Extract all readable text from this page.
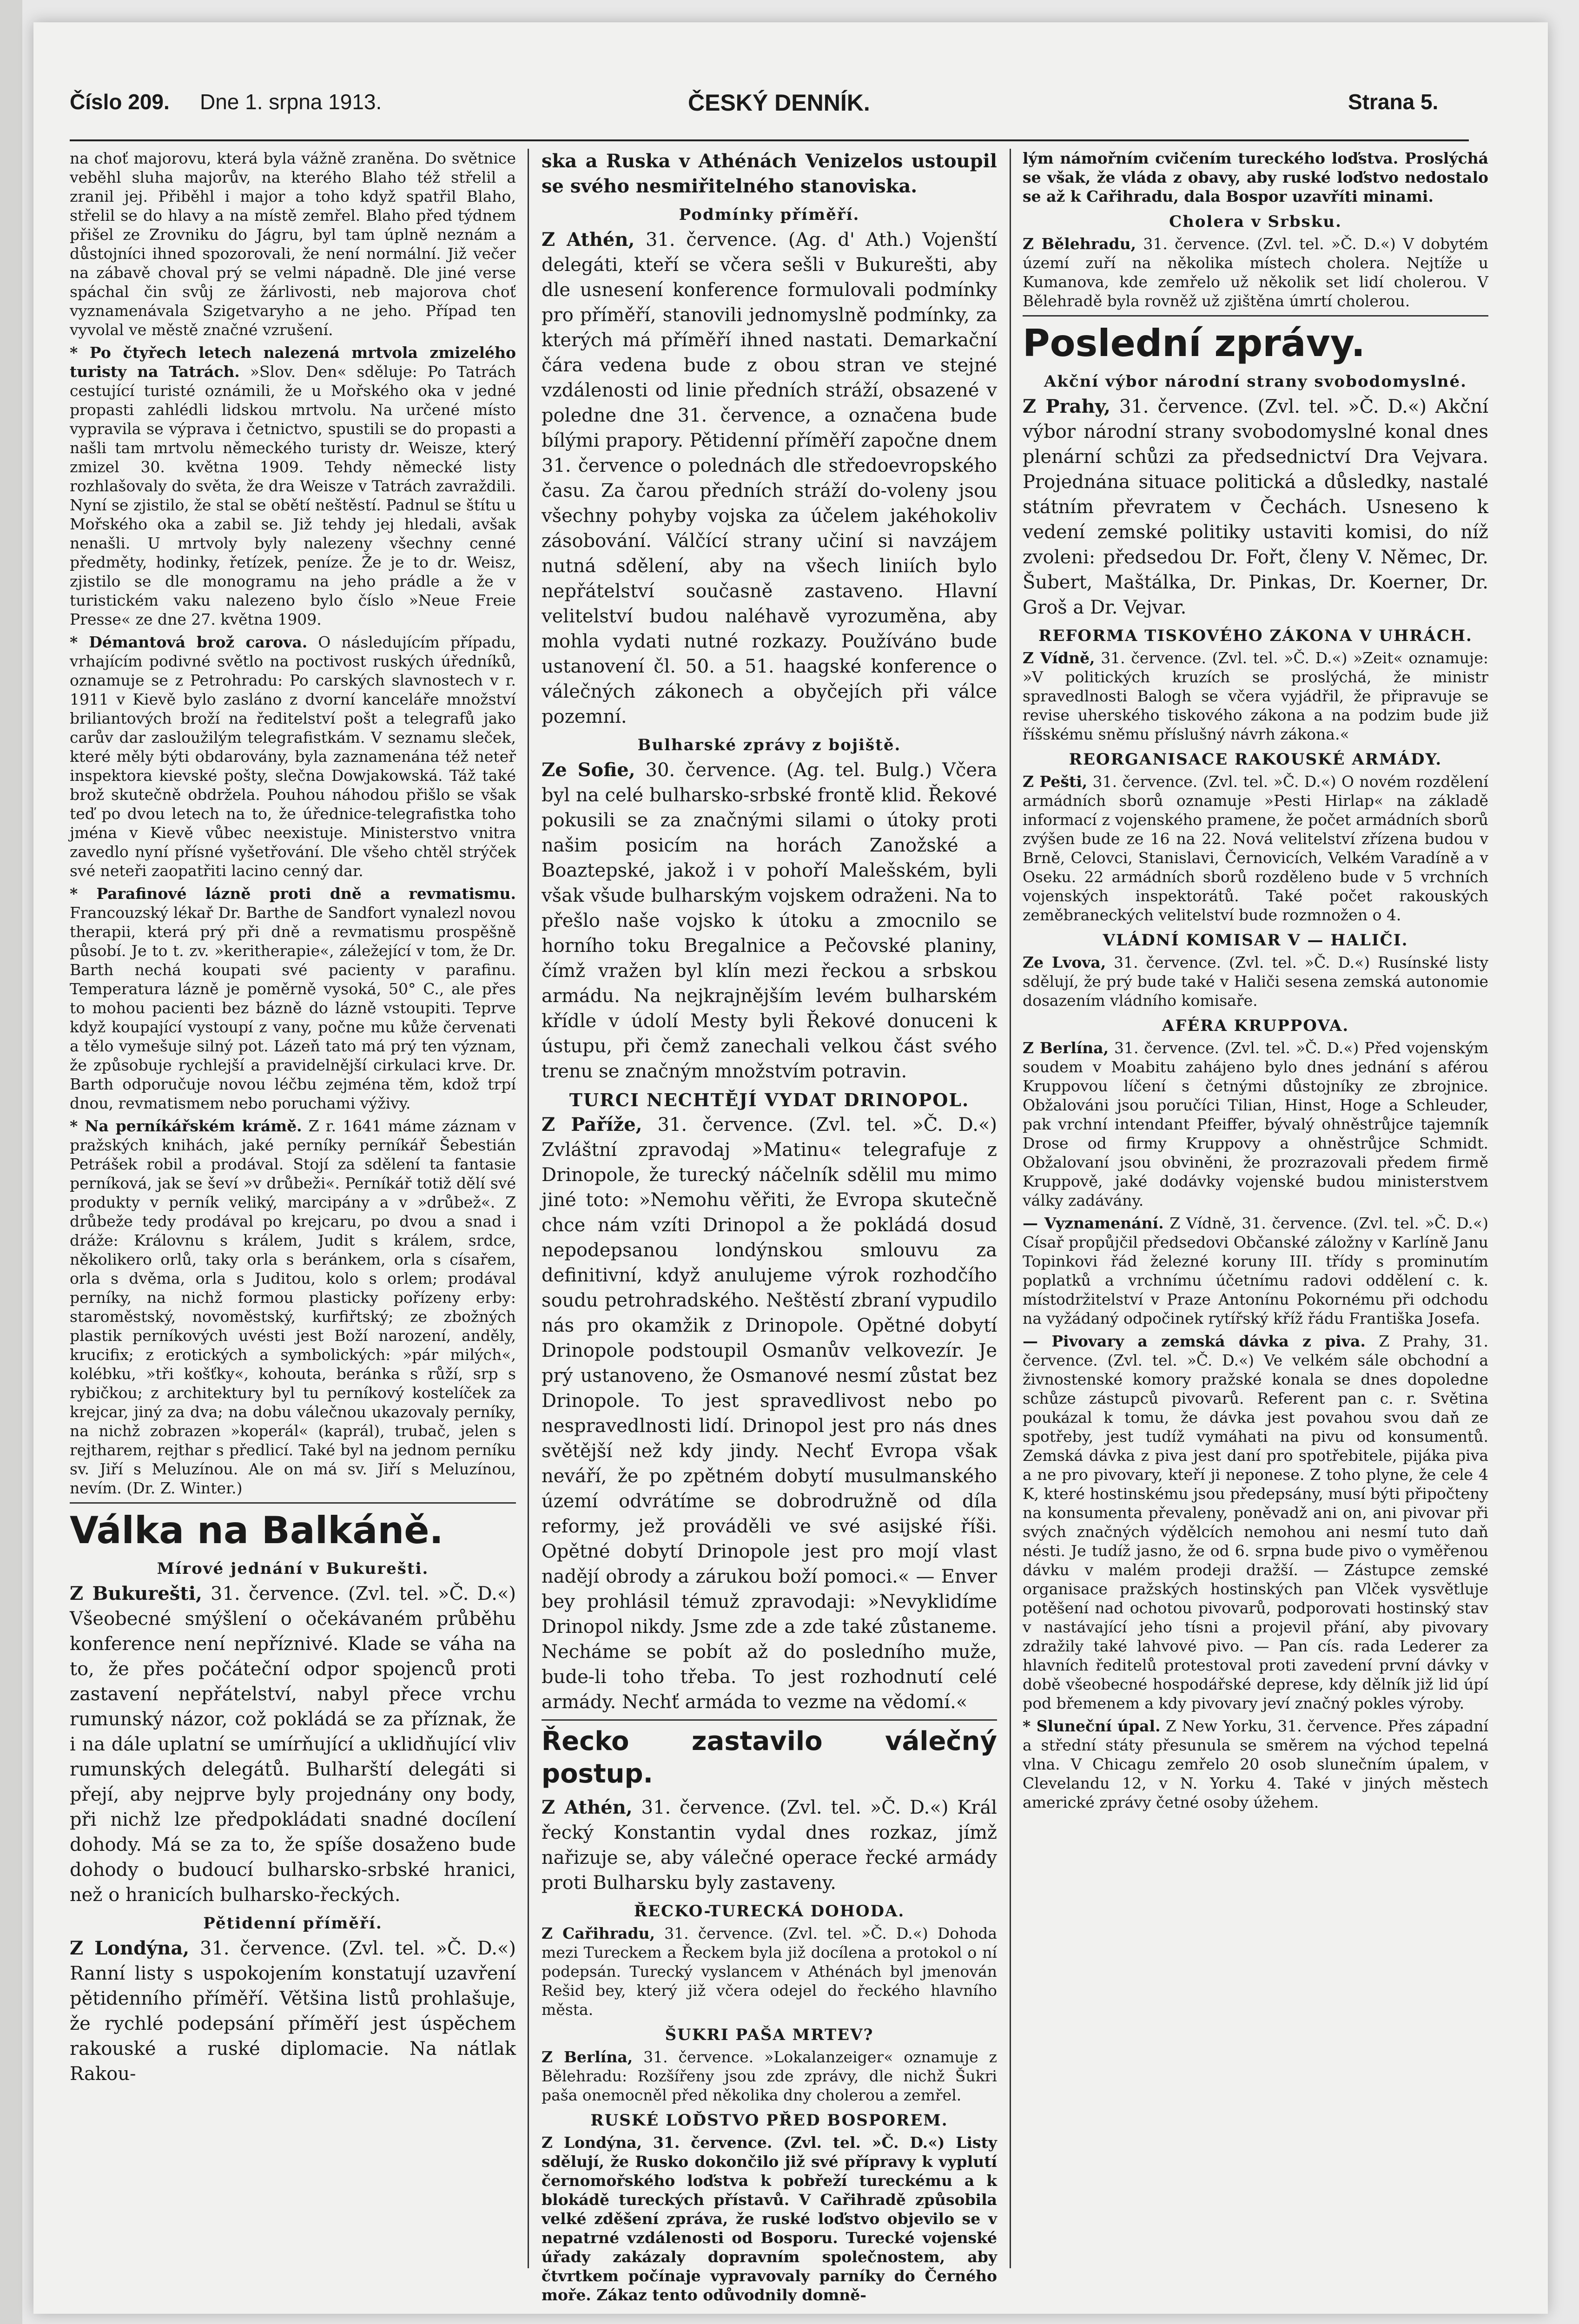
Číslo 209. Dne 1. srpna 1913.	ČESKÝ DENNÍK.	Strana 5.

na choť majorovu, která byla vážně zraněna. Do světnice veběhl sluha majorův, na kterého Blaho též střelil a zranil jej. Přiběhl i major a toho když spatřil Blaho, střelil se do hlavy a na místě zemřel. Blaho před týdnem přišel ze Zrovniku do Jágru, byl tam úplně neznám a důstojníci ihned spozorovali, že není normální. Již večer na zábavě choval prý se velmi nápadně. Dle jiné verse spáchal čin svůj ze žárlivosti, neb majorova choť vyznamenávala Szigetvaryho a ne jeho. Případ ten vyvolal ve městě značné vzrušení.

* Po čtyřech letech nalezená mrtvola zmizelého turisty na Tatrách. »Slov. Den« sděluje: Po Tatrách cestující turisté oznámili, že u Mořského oka v jedné propasti zahlédli lidskou mrtvolu. Na určené místo vypravila se výprava i četnictvo, spustili se do propasti a našli tam mrtvolu německého turisty dr. Weisze, který zmizel 30. května 1909. Tehdy německé listy rozhlašovaly do světa, že dra Weisze v Tatrách zavraždili. Nyní se zjistilo, že stal se obětí neštěstí. Padnul se štítu u Mořského oka a zabil se. Již tehdy jej hledali, avšak nenašli. U mrtvoly byly nalezeny všechny cenné předměty, hodinky, řetízek, peníze. Že je to dr. Weisz, zjistilo se dle monogramu na jeho prádle a že v turistickém vaku nalezeno bylo číslo »Neue Freie Presse« ze dne 27. května 1909.

* Démantová brož carova. O následujícím případu, vrhajícím podivné světlo na poctivost ruských úředníků, oznamuje se z Petrohradu: Po carských slavnostech v r. 1911 v Kievě bylo zasláno z dvorní kanceláře množství briliantových broží na ředitelství pošt a telegrafů jako carův dar zasloužilým telegrafistkám. V seznamu sleček, které měly býti obdarovány, byla zaznamenána též neteř inspektora kievské pošty, slečna Dowjakowská. Táž také brož skutečně obdržela. Pouhou náhodou přišlo se však teď po dvou letech na to, že úřednice-telegrafistka toho jména v Kievě vůbec neexistuje. Ministerstvo vnitra zavedlo nyní přísné vyšetřování. Dle všeho chtěl strýček své neteři zaopatřiti lacino cenný dar.

* Parafinové lázně proti dně a revmatismu. Francouzský lékař Dr. Barthe de Sandfort vynalezl novou therapii, která prý při dně a revmatismu prospěšně působí. Je to t. zv. »keritherapie«, záležející v tom, že Dr. Barth nechá koupati své pacienty v parafinu. Temperatura lázně je poměrně vysoká, 50° C., ale přes to mohou pacienti bez bázně do lázně vstoupiti. Teprve když koupající vystoupí z vany, počne mu kůže červenati a tělo vymešuje silný pot. Lázeň tato má prý ten význam, že způsobuje rychlejší a pravidelnější cirkulaci krve. Dr. Barth odporučuje novou léčbu zejména těm, kdož trpí dnou, revmatismem nebo poruchami výživy.

* Na perníkářském krámě. Z r. 1641 máme záznam v pražských knihách, jaké perníky perníkář Šebestián Petrášek robil a prodával. Stojí za sdělení ta fantasie perníková, jak se ševí »v drůbeži«. Perníkář totiž dělí své produkty v perník veliký, marcipány a v »drůbež«. Z drůbeže tedy prodával po krejcaru, po dvou a snad i dráže: Královnu s králem, Judit s králem, srdce, několikero orlů, taky orla s beránkem, orla s císařem, orla s dvěma, orla s Juditou, kolo s orlem; prodával perníky, na nichž formou plasticky pořízeny erby: staroměstský, novoměstský, kurfiřtský; ze zbožných plastik perníkových uvésti jest Boží narození, anděly, krucifix; z erotických a symbolických: »pár milých«, kolébku, »tři košťky«, kohouta, beránka s růží, srp s rybičkou; z architektury byl tu perníkový kostelíček za krejcar, jiný za dva; na dobu válečnou ukazovaly perníky, na nichž zobrazen »koperál« (kaprál), trubač, jelen s rejtharem, rejthar s předlicí. Také byl na jednom perníku sv. Jiří s Meluzínou. Ale on má sv. Jiří s Meluzínou, nevím. (Dr. Z. Winter.)

Válka na Balkáně.
Mírové jednání v Bukurešti.

Z Bukurešti, 31. července. (Zvl. tel. »Č. D.«) Všeobecné smýšlení o očekávaném průběhu konference není nepříznivé. Klade se váha na to, že přes počáteční odpor spojenců proti zastavení nepřátelství, nabyl přece vrchu rumunský názor, což pokládá se za příznak, že i na dále uplatní se umírňující a uklidňující vliv rumunských delegátů. Bulharští delegáti si přejí, aby nejprve byly projednány ony body, při nichž lze předpokládati snadné docílení dohody. Má se za to, že spíše dosaženo bude dohody o budoucí bulharsko-srbské hranici, než o hranicích bulharsko-řeckých.

Pětidenní příměří.

Z Londýna, 31. července. (Zvl. tel. »Č. D.«) Ranní listy s uspokojením konstatují uzavření pětidenního příměří. Většina listů prohlašuje, že rychlé podepsání příměří jest úspěchem rakouské a ruské diplomacie. Na nátlak Rakou-

ska a Ruska v Athénách Venizelos ustoupil se svého nesmiřitelného stanoviska.

Podmínky příměří.

Z Athén, 31. července. (Ag. d' Ath.) Vojenští delegáti, kteří se včera sešli v Bukurešti, aby dle usnesení konference formulovali podmínky pro příměří, stanovili jednomyslně podmínky, za kterých má příměří ihned nastati. Demarkační čára vedena bude z obou stran ve stejné vzdálenosti od linie předních stráží, obsazené v poledne dne 31. července, a označena bude bílými prapory. Pětidenní příměří započne dnem 31. července o polednách dle středoevropského času. Za čarou předních stráží do-voleny jsou všechny pohyby vojska za účelem jakéhokoliv zásobování. Válčící strany učiní si navzájem nutná sdělení, aby na všech liniích bylo nepřátelství současně zastaveno. Hlavní velitelství budou naléhavě vyrozuměna, aby mohla vydati nutné rozkazy. Používáno bude ustanovení čl. 50. a 51. haagské konference o válečných zákonech a obyčejích při válce pozemní.

Bulharské zprávy z bojiště.

Ze Sofie, 30. července. (Ag. tel. Bulg.) Včera byl na celé bulharsko-srbské frontě klid. Řekové pokusili se za značnými silami o útoky proti našim posicím na horách Zanožské a Boaztepské, jakož i v pohoří Malešském, byli však všude bulharským vojskem odraženi. Na to přešlo naše vojsko k útoku a zmocnilo se horního toku Bregalnice a Pečovské planiny, čímž vražen byl klín mezi řeckou a srbskou armádu. Na nejkrajnějším levém bulharském křídle v údolí Mesty byli Řekové donuceni k ústupu, při čemž zanechali velkou část svého trenu se značným množstvím potravin.

TURCI NECHTĚJÍ VYDAT DRINOPOL.

Z Paříže, 31. července. (Zvl. tel. »Č. D.«) Zvláštní zpravodaj »Matinu« telegrafuje z Drinopole, že turecký náčelník sdělil mu mimo jiné toto: »Nemohu věřiti, že Evropa skutečně chce nám vzíti Drinopol a že pokládá dosud nepodepsanou londýnskou smlouvu za definitivní, když anulujeme výrok rozhodčího soudu petrohradského. Neštěstí zbraní vypudilo nás pro okamžik z Drinopole. Opětné dobytí Drinopole podstoupil Osmanův velkovezír. Je prý ustanoveno, že Osmanové nesmí zůstat bez Drinopole. To jest spravedlivost nebo po nespravedlnosti lidí. Drinopol jest pro nás dnes světější než kdy jindy. Nechť Evropa však neváří, že po zpětném dobytí musulmanského území odvrátíme se dobrodružně od díla reformy, jež prováděli ve své asijské říši. Opětné dobytí Drinopole jest pro mojí vlast nadějí obrody a zárukou boží pomoci.« — Enver bey prohlásil témuž zpravodaji: »Nevyklidíme Drinopol nikdy. Jsme zde a zde také zůstaneme. Necháme se pobít až do posledního muže, bude-li toho třeba. To jest rozhodnutí celé armády. Nechť armáda to vezme na vědomí.«

Řecko zastavilo válečný postup.

Z Athén, 31. července. (Zvl. tel. »Č. D.«) Král řecký Konstantin vydal dnes rozkaz, jímž nařizuje se, aby válečné operace řecké armády proti Bulharsku byly zastaveny.

ŘECKO-TURECKÁ DOHODA.

Z Cařihradu, 31. července. (Zvl. tel. »Č. D.«) Dohoda mezi Tureckem a Řeckem byla již docílena a protokol o ní podepsán. Turecký vyslancem v Athénách byl jmenován Rešid bey, který již včera odejel do řeckého hlavního města.

ŠUKRI PAŠA MRTEV?

Z Berlína, 31. července. »Lokalanzeiger« oznamuje z Bělehradu: Rozšířeny jsou zde zprávy, dle nichž Šukri paša onemocněl před několika dny cholerou a zemřel.

RUSKÉ LOĎSTVO PŘED BOSPOREM.

Z Londýna, 31. července. (Zvl. tel. »Č. D.«) Listy sdělují, že Rusko dokončilo již své přípravy k vyplutí černomořského loďstva k pobřeží tureckému a k blokádě tureckých přístavů. V Cařihradě způsobila velké zděšení zpráva, že ruské loďstvo objevilo se v nepatrné vzdálenosti od Bosporu. Turecké vojenské úřady zakázaly dopravním společnostem, aby čtvrtkem počínaje vypravovaly parníky do Černého moře. Zákaz tento odůvodnily domně-

lým námořním cvičením tureckého loďstva. Proslýchá se však, že vláda z obavy, aby ruské loďstvo nedostalo se až k Cařihradu, dala Bospor uzavříti minami.

Cholera v Srbsku.

Z Bělehradu, 31. července. (Zvl. tel. »Č. D.«) V dobytém území zuří na několika místech cholera. Nejtíže u Kumanova, kde zemřelo už několik set lidí cholerou. V Bělehradě byla rovněž už zjištěna úmrtí cholerou.

Poslední zprávy.
Akční výbor národní strany svobodomyslné.

Z Prahy, 31. července. (Zvl. tel. »Č. D.«) Akční výbor národní strany svobodomyslné konal dnes plenární schůzi za předsednictví Dra Vejvara. Projednána situace politická a důsledky, nastalé státním převratem v Čechách. Usneseno k vedení zemské politiky ustaviti komisi, do níž zvoleni: předsedou Dr. Fořt, členy V. Němec, Dr. Šubert, Maštálka, Dr. Pinkas, Dr. Koerner, Dr. Groš a Dr. Vejvar.

REFORMA TISKOVÉHO ZÁKONA V UHRÁCH.

Z Vídně, 31. července. (Zvl. tel. »Č. D.«) »Zeit« oznamuje: »V politických kruzích se proslýchá, že ministr spravedlnosti Balogh se včera vyjádřil, že připravuje se revise uherského tiskového zákona a na podzim bude již říšskému sněmu příslušný návrh zákona.«

REORGANISACE RAKOUSKÉ ARMÁDY.

Z Pešti, 31. července. (Zvl. tel. »Č. D.«) O novém rozdělení armádních sborů oznamuje »Pesti Hirlap« na základě informací z vojenského pramene, že počet armádních sborů zvýšen bude ze 16 na 22. Nová velitelství zřízena budou v Brně, Celovci, Stanislavi, Černovicích, Velkém Varadíně a v Oseku. 22 armádních sborů rozděleno bude v 5 vrchních vojenských inspektorátů. Také počet rakouských zeměbraneckých velitelství bude rozmnožen o 4.

VLÁDNÍ KOMISAR V — HALIČI.

Ze Lvova, 31. července. (Zvl. tel. »Č. D.«) Rusínské listy sdělují, že prý bude také v Haliči sesena zemská autonomie dosazením vládního komisaře.

AFÉRA KRUPPOVA.

Z Berlína, 31. července. (Zvl. tel. »Č. D.«) Před vojenským soudem v Moabitu zahájeno bylo dnes jednání s aférou Kruppovou líčení s četnými důstojníky ze zbrojnice. Obžalováni jsou poručíci Tilian, Hinst, Hoge a Schleuder, pak vrchní intendant Pfeiffer, bývalý ohněstrůjce tajemník Drose od firmy Kruppovy a ohněstrůjce Schmidt. Obžalovaní jsou obviněni, že prozrazovali předem firmě Kruppově, jaké dodávky vojenské budou ministerstvem války zadávány.

— Vyznamenání. Z Vídně, 31. července. (Zvl. tel. »Č. D.«) Císař propůjčil předsedovi Občanské záložny v Karlíně Janu Topinkovi řád železné koruny III. třídy s prominutím poplatků a vrchnímu účetnímu radovi oddělení c. k. místodržitelství v Praze Antonínu Pokornému při odchodu na vyžádaný odpočinek rytířský kříž řádu Františka Josefa.

— Pivovary a zemská dávka z piva. Z Prahy, 31. července. (Zvl. tel. »Č. D.«) Ve velkém sále obchodní a živnostenské komory pražské konala se dnes dopoledne schůze zástupců pivovarů. Referent pan c. r. Světina poukázal k tomu, že dávka jest povahou svou daň ze spotřeby, jest tudíž vymáhati na pivu od konsumentů. Zemská dávka z piva jest daní pro spotřebitele, pijáka piva a ne pro pivovary, kteří ji neponese. Z toho plyne, že cele 4 K, které hostinskému jsou předepsány, musí býti připočteny na konsumenta převaleny, poněvadž ani on, ani pivovar při svých značných výdělcích nemohou ani nesmí tuto daň nésti. Je tudíž jasno, že od 6. srpna bude pivo o vyměřenou dávku v malém prodeji dražší. — Zástupce zemské organisace pražských hostinských pan Vlček vysvětluje potěšení nad ochotou pivovarů, podporovati hostinský stav v nastávající jeho tísni a projevil přání, aby pivovary zdražily také lahvové pivo. — Pan cís. rada Lederer za hlavních ředitelů protestoval proti zavedení první dávky v době všeobecné hospodářské deprese, kdy dělník již lid úpí pod břemenem a kdy pivovary jeví značný pokles výroby.

* Sluneční úpal. Z New Yorku, 31. července. Přes západní a střední státy přesunula se směrem na východ tepelná vlna. V Chicagu zemřelo 20 osob slunečním úpalem, v Clevelandu 12, v N. Yorku 4. Také v jiných městech americké zprávy četné osoby úžehem.
